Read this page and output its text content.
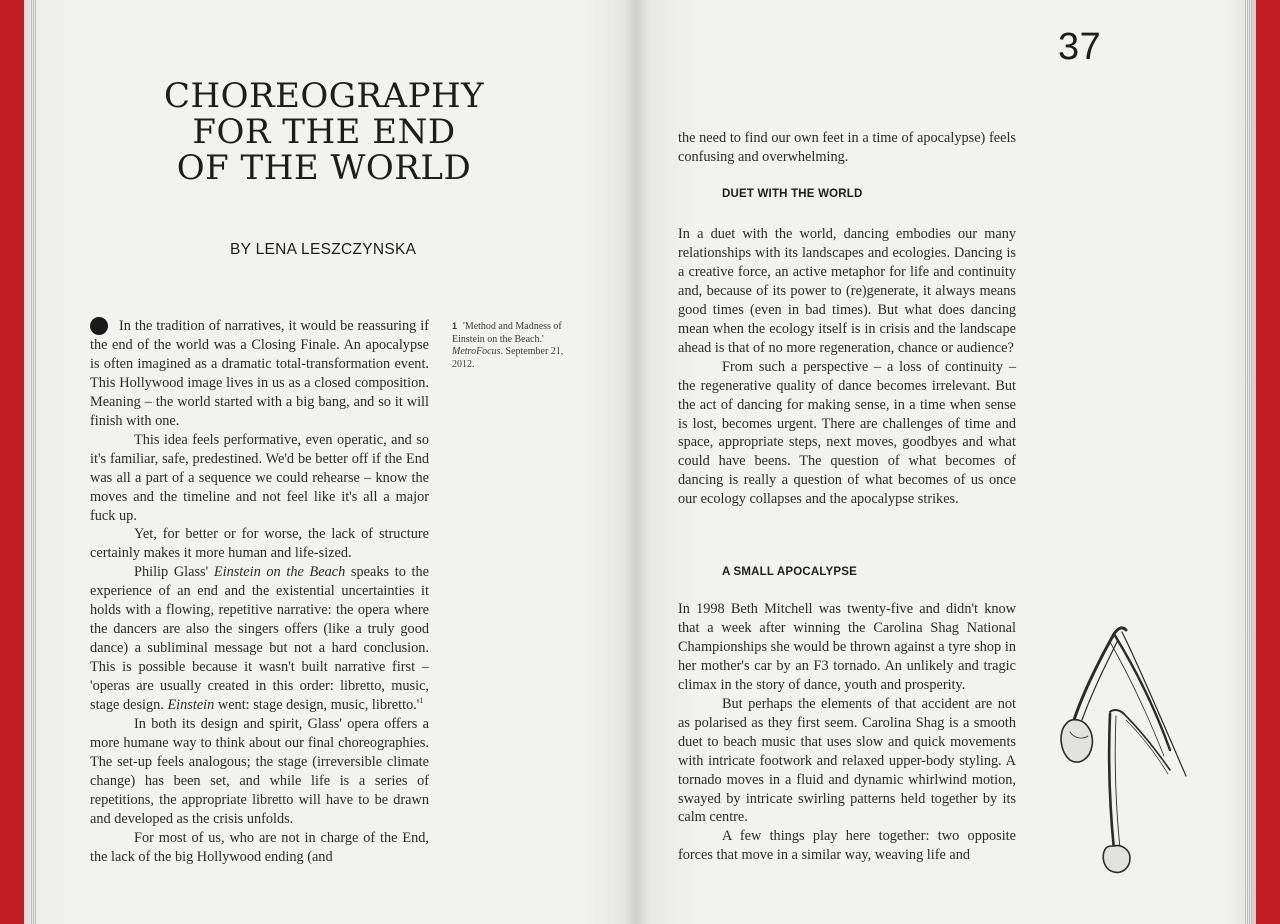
CHOREOGRAPHY
FOR THE END
OF THE WORLD

BY LENA LESZCZYNSKA

In the tradition of narratives, it would be reassuring if the end of the world was a Closing Finale. An apocalypse is often imagined as a dramatic total-transformation event. This Hollywood image lives in us as a closed composition. Meaning – the world started with a big bang, and so it will finish with one.

This idea feels performative, even operatic, and so it's familiar, safe, predestined. We'd be better off if the End was all a part of a sequence we could rehearse – know the moves and the timeline and not feel like it's all a major fuck up.

Yet, for better or for worse, the lack of structure certainly makes it more human and life-sized.

Philip Glass' Einstein on the Beach speaks to the experience of an end and the existential uncertainties it holds with a flowing, repetitive narrative: the opera where the dancers are also the singers offers (like a truly good dance) a subliminal message but not a hard conclusion. This is possible because it wasn't built narrative first – 'operas are usually created in this order: libretto, music, stage design. Einstein went: stage design, music, $libretto.'^1$

In both its design and spirit, Glass' opera offers a more humane way to think about our final choreographies. The set-up feels analogous; the stage (irreversible climate change) has been set, and while life is a series of repetitions, the appropriate libretto will have to be drawn and developed as the crisis unfolds.

For most of us, who are not in charge of the End, the lack of the big Hollywood ending (and

1 'Method and Madness of Einstein on the Beach.' MetroFocus. September 21, 2012.
37

the need to find our own feet in a time of apocalypse) feels confusing and overwhelming.

DUET WITH THE WORLD

In a duet with the world, dancing embodies our many relationships with its landscapes and ecologies. Dancing is a creative force, an active metaphor for life and continuity and, because of its power to (re)generate, it always means good times (even in bad times). But what does dancing mean when the ecology itself is in crisis and the landscape ahead is that of no more regeneration, chance or audience?

From such a perspective – a loss of continuity – the regenerative quality of dance becomes irrelevant. But the act of dancing for making sense, in a time when sense is lost, becomes urgent. There are challenges of time and space, appropriate steps, next moves, goodbyes and what could have beens. The question of what becomes of dancing is really a question of what becomes of us once our ecology collapses and the apocalypse strikes.

A SMALL APOCALYPSE

In 1998 Beth Mitchell was twenty-five and didn't know that a week after winning the Carolina Shag National Championships she would be thrown against a tyre shop in her mother's car by an F3 tornado. An unlikely and tragic climax in the story of dance, youth and prosperity.

But perhaps the elements of that accident are not as polarised as they first seem. Carolina Shag is a smooth duet to beach music that uses slow and quick movements with intricate footwork and relaxed upper-body styling. A tornado moves in a fluid and dynamic whirlwind motion, swayed by intricate swirling patterns held together by its calm centre.

A few things play here together: two opposite forces that move in a similar way, weaving life and
